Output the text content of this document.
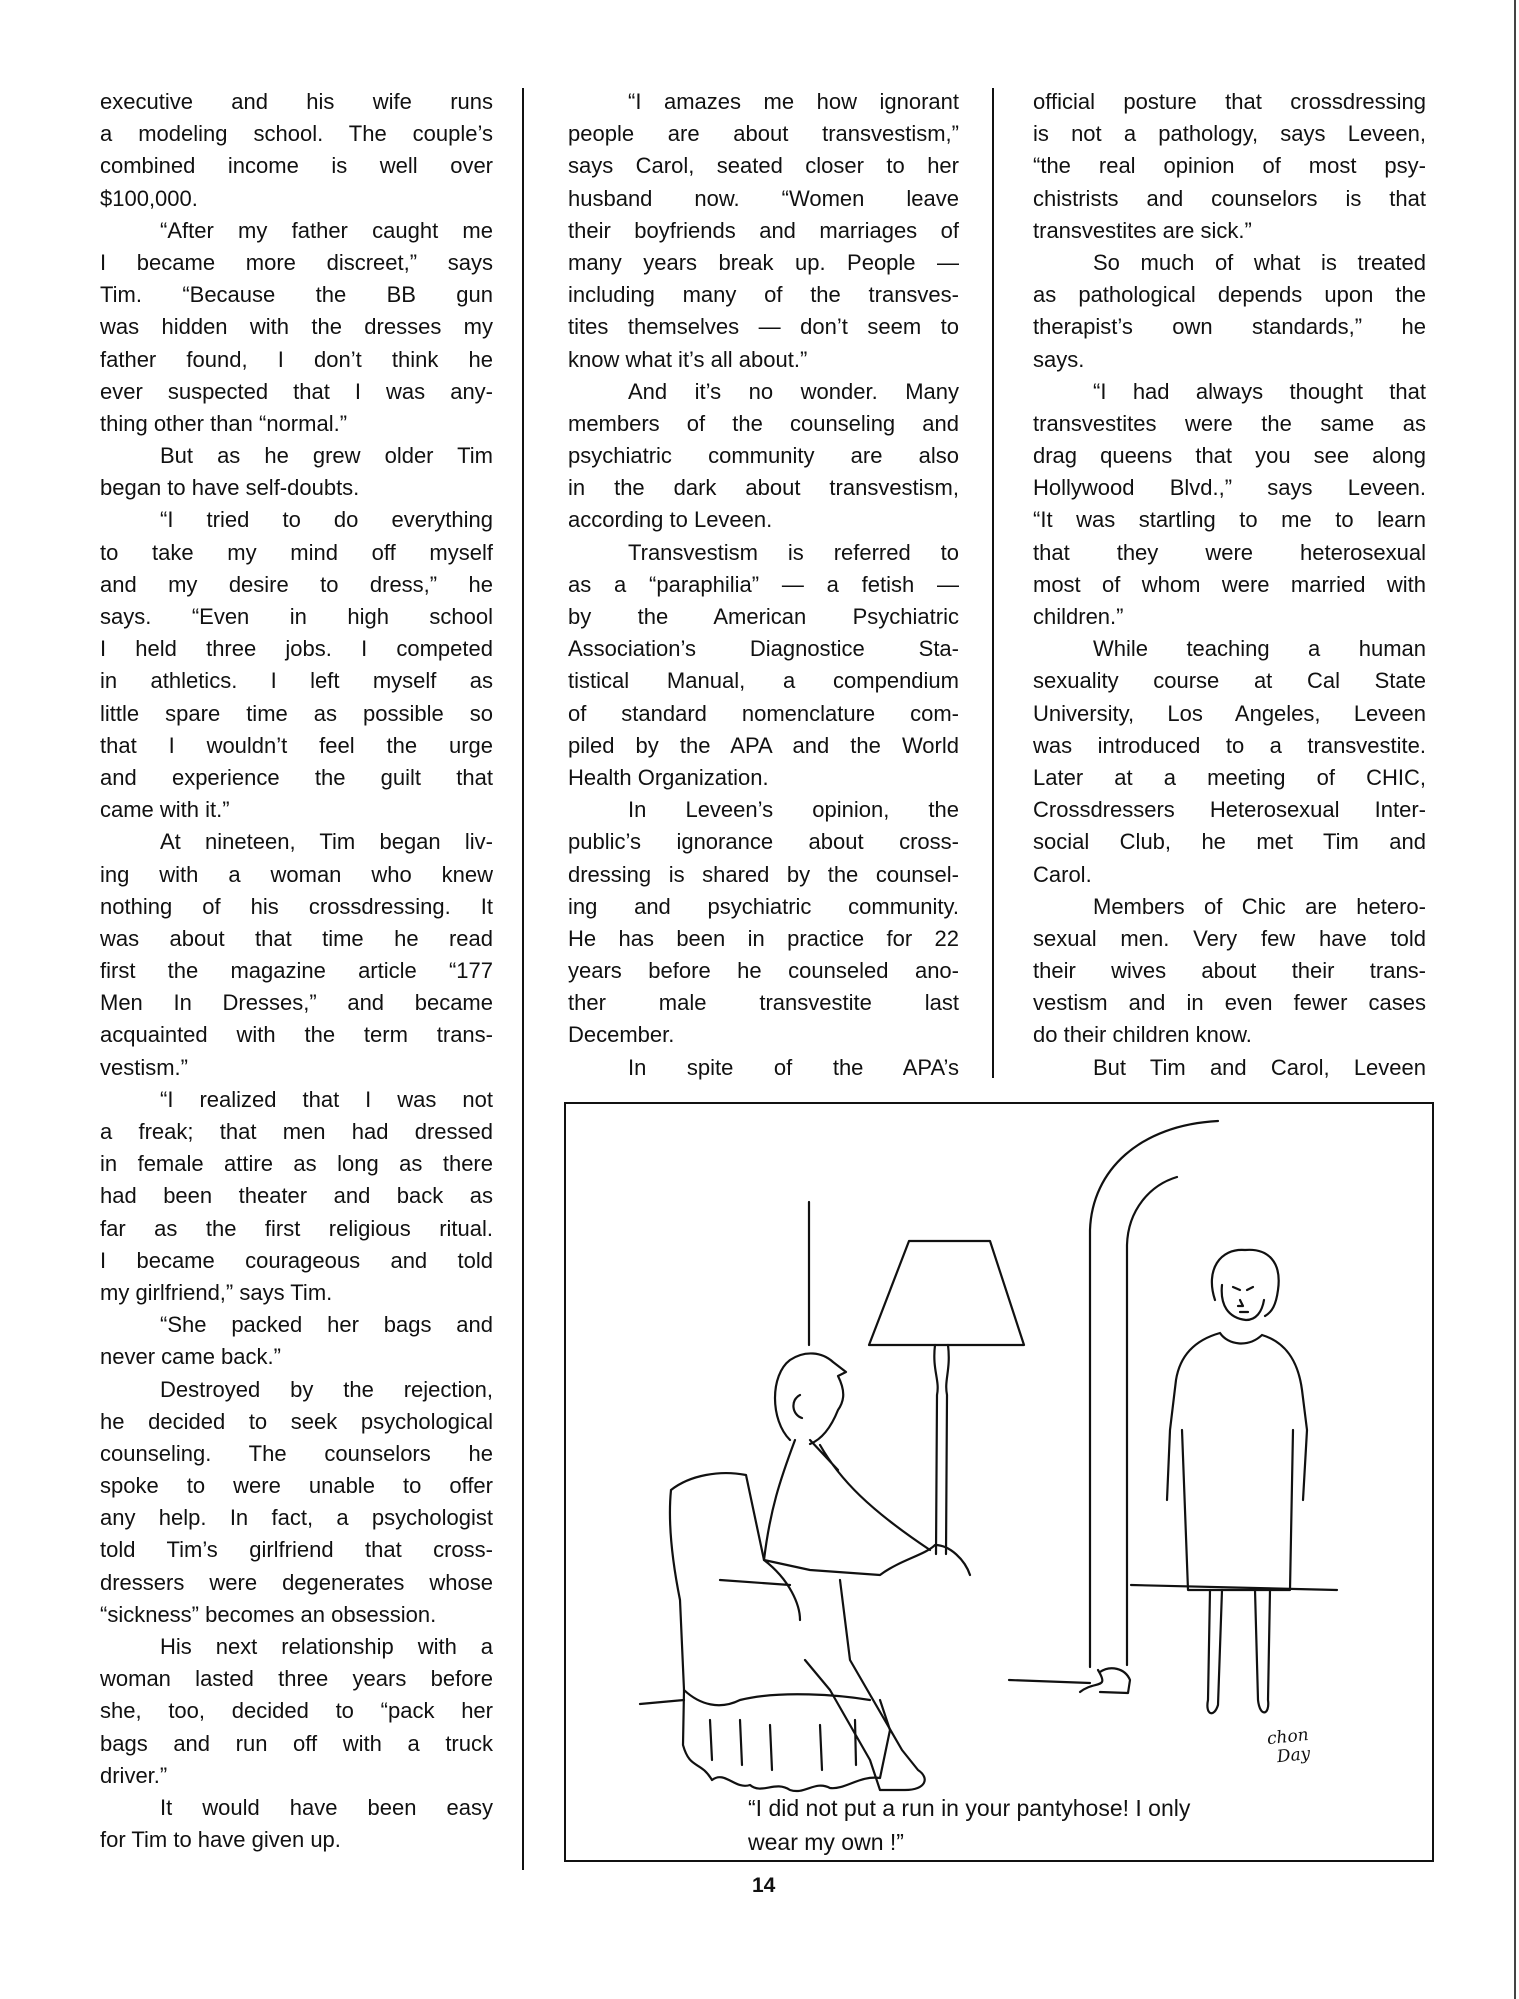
executive and his wife runs
a modeling school. The couple’s
combined income is well over
$100,000.
“After my father caught me
I became more discreet,” says
Tim. “Because the BB gun
was hidden with the dresses my
father found, I don’t think he
ever suspected that I was any-
thing other than “normal.”
But as he grew older Tim
began to have self-doubts.
“I tried to do everything
to take my mind off myself
and my desire to dress,” he
says. “Even in high school
I held three jobs. I competed
in athletics. I left myself as
little spare time as possible so
that I wouldn’t feel the urge
and experience the guilt that
came with it.”
At nineteen, Tim began liv-
ing with a woman who knew
nothing of his crossdressing. It
was about that time he read
first the magazine article “177
Men In Dresses,” and became
acquainted with the term trans-
vestism.”
“I realized that I was not
a freak; that men had dressed
in female attire as long as there
had been theater and back as
far as the first religious ritual.
I became courageous and told
my girlfriend,” says Tim.
“She packed her bags and
never came back.”
Destroyed by the rejection,
he decided to seek psychological
counseling. The counselors he
spoke to were unable to offer
any help. In fact, a psychologist
told Tim’s girlfriend that cross-
dressers were degenerates whose
“sickness” becomes an obsession.
His next relationship with a
woman lasted three years before
she, too, decided to “pack her
bags and run off with a truck
driver.”
It would have been easy
for Tim to have given up.
“I amazes me how ignorant
people are about transvestism,”
says Carol, seated closer to her
husband now. “Women leave
their boyfriends and marriages of
many years break up. People —
including many of the transves-
tites themselves — don’t seem to
know what it’s all about.”
And it’s no wonder. Many
members of the counseling and
psychiatric community are also
in the dark about transvestism,
according to Leveen.
Transvestism is referred to
as a “paraphilia” — a fetish —
by the American Psychiatric
Association’s Diagnostice Sta-
tistical Manual, a compendium
of standard nomenclature com-
piled by the APA and the World
Health Organization.
In Leveen’s opinion, the
public’s ignorance about cross-
dressing is shared by the counsel-
ing and psychiatric community.
He has been in practice for 22
years before he counseled ano-
ther male transvestite last
December.
In spite of the APA’s
official posture that crossdressing
is not a pathology, says Leveen,
“the real opinion of most psy-
chistrists and counselors is that
transvestites are sick.”
So much of what is treated
as pathological depends upon the
therapist’s own standards,” he
says.
“I had always thought that
transvestites were the same as
drag queens that you see along
Hollywood Blvd.,” says Leveen.
“It was startling to me to learn
that they were heterosexual
most of whom were married with
children.”
While teaching a human
sexuality course at Cal State
University, Los Angeles, Leveen
was introduced to a transvestite.
Later at a meeting of CHIC,
Crossdressers Heterosexual Inter-
social Club, he met Tim and
Carol.
Members of Chic are hetero-
sexual men. Very few have told
their wives about their trans-
vestism and in even fewer cases
do their children know.
But Tim and Carol, Leveen
chon
Day
“I did not put a run in your pantyhose! I only
wear my own !”
14
